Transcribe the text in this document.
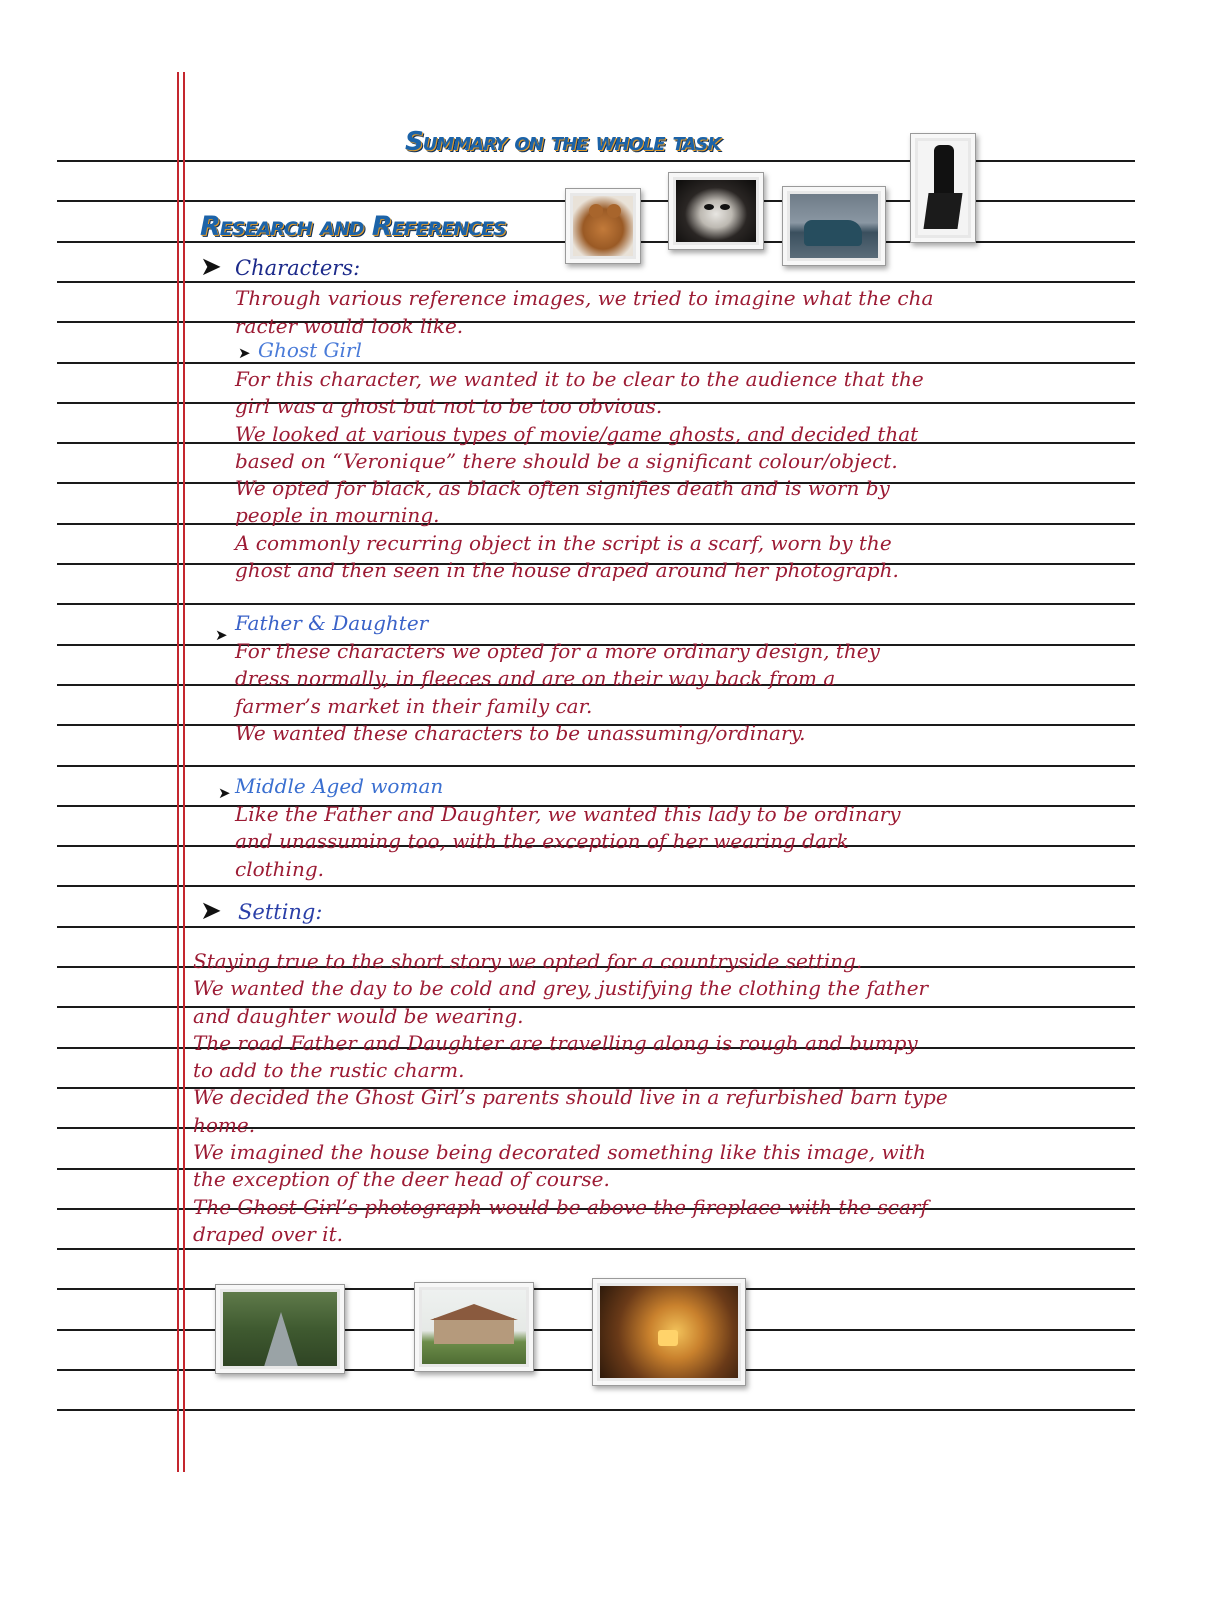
Summary on the whole task
Research and References
➤ Characters:
Through various reference images, we tried to imagine what the cha
racter would look like.
➤ Ghost Girl
For this character, we wanted it to be clear to the audience that the
girl was a ghost but not to be too obvious.
We looked at various types of movie/game ghosts, and decided that
based on “Veronique” there should be a significant colour/object.
We opted for black, as black often signifies death and is worn by
people in mourning.
A commonly recurring object in the script is a scarf, worn by the
ghost and then seen in the house draped around her photograph.
➤ Father & Daughter
For these characters we opted for a more ordinary design, they
dress normally, in fleeces and are on their way back from a
farmer’s market in their family car.
We wanted these characters to be unassuming/ordinary.
➤ Middle Aged woman
Like the Father and Daughter, we wanted this lady to be ordinary
and unassuming too, with the exception of her wearing dark
clothing.
➤ Setting:
Staying true to the short story we opted for a countryside setting.
We wanted the day to be cold and grey, justifying the clothing the father
and daughter would be wearing.
The road Father and Daughter are travelling along is rough and bumpy
to add to the rustic charm.
We decided the Ghost Girl’s parents should live in a refurbished barn type
home.
We imagined the house being decorated something like this image, with
the exception of the deer head of course.
The Ghost Girl’s photograph would be above the fireplace with the scarf
draped over it.
